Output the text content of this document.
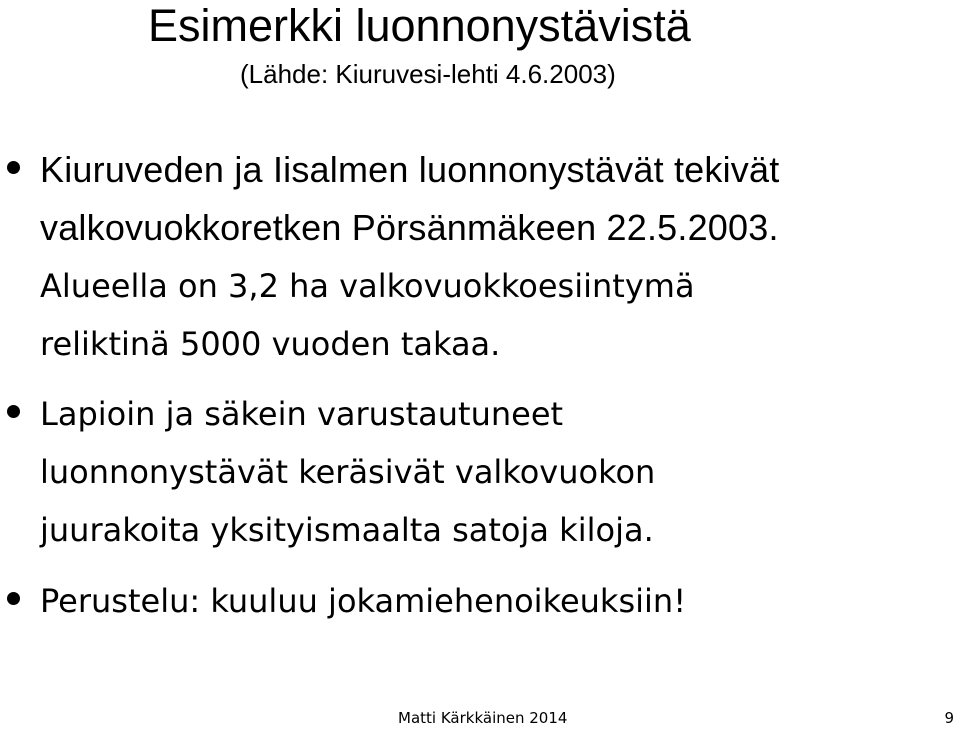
Esimerkki luonnonystävistä
(Lähde: Kiuruvesi-lehti 4.6.2003)
Kiuruveden ja Iisalmen luonnonystävät tekivät
valkovuokkoretken Pörsänmäkeen 22.5.2003.
Alueella on 3,2 ha valkovuokkoesiintymä
reliktinä 5000 vuoden takaa.
Lapioin ja säkein varustautuneet
luonnonystävät keräsivät valkovuokon
juurakoita yksityismaalta satoja kiloja.
Perustelu: kuuluu jokamiehenoikeuksiin!
Matti Kärkkäinen 2014	9
